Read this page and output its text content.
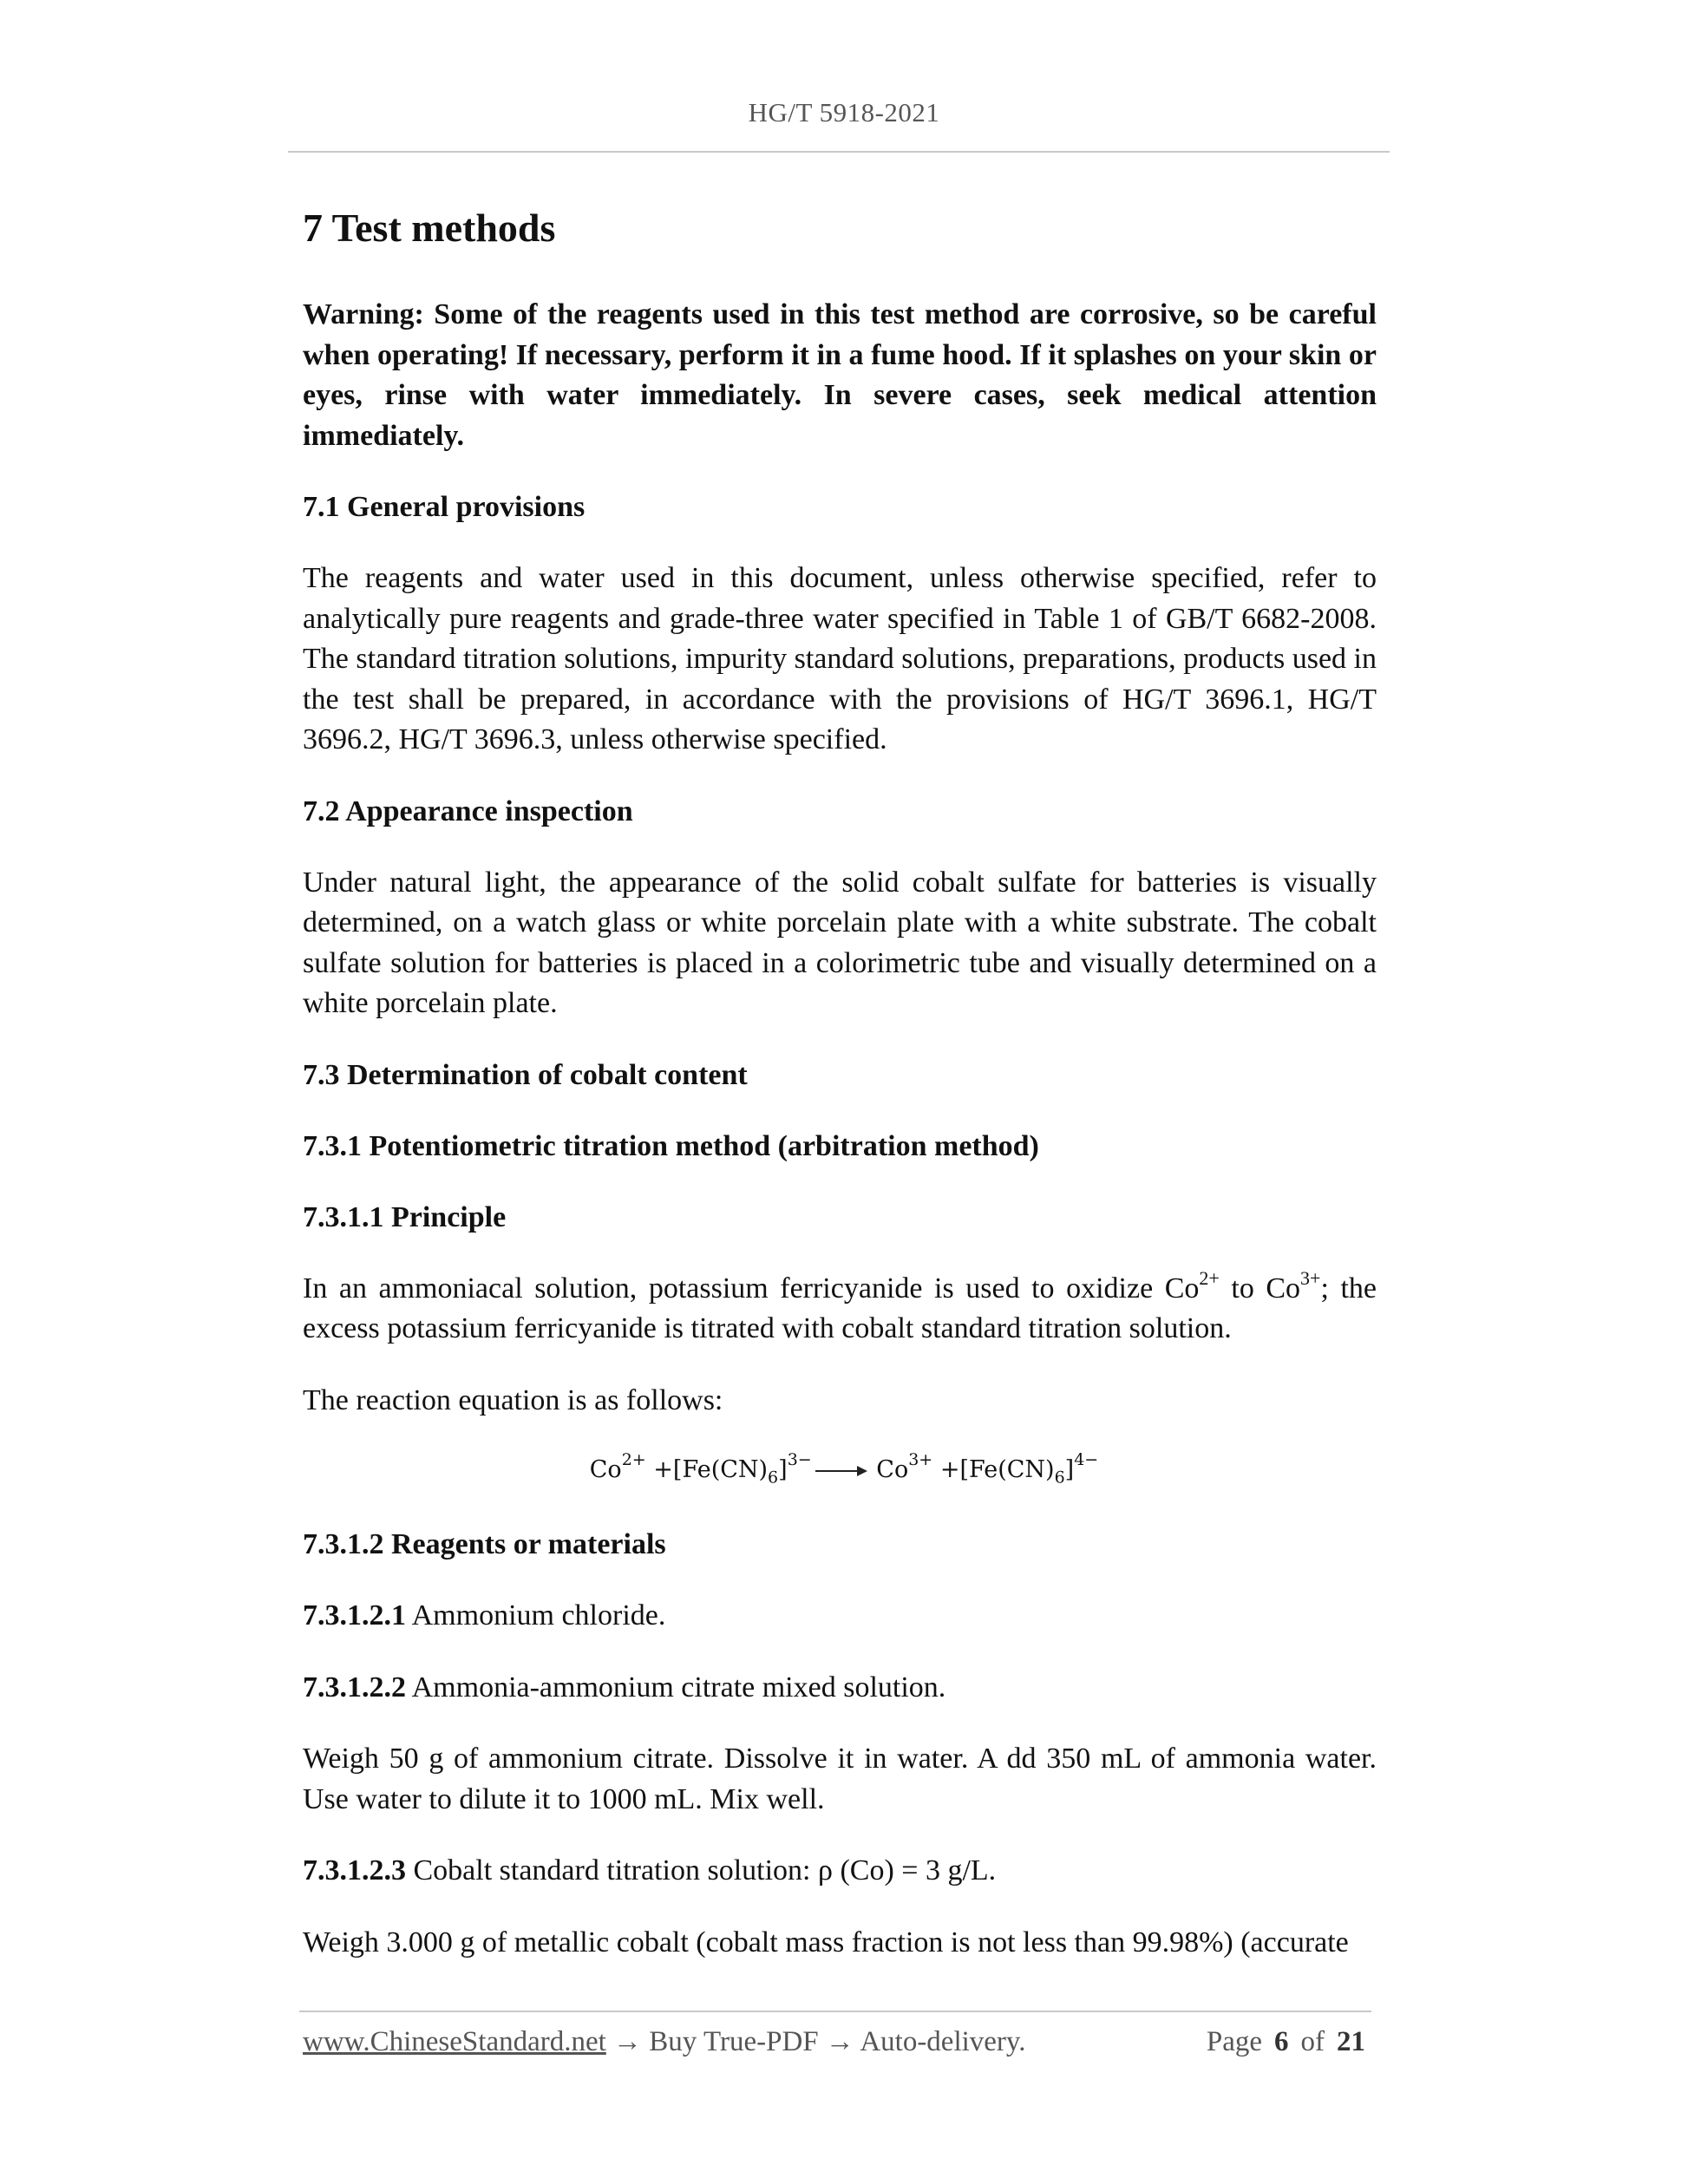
HG/T 5918-2021

7 Test methods

Warning: Some of the reagents used in this test method are corrosive, so be careful when operating! If necessary, perform it in a fume hood. If it splashes on your skin or eyes, rinse with water immediately. In severe cases, seek medical attention immediately.

7.1 General provisions

The reagents and water used in this document, unless otherwise specified, refer to analytically pure reagents and grade-three water specified in Table 1 of GB/T 6682-2008. The standard titration solutions, impurity standard solutions, preparations, products used in the test shall be prepared, in accordance with the provisions of HG/T 3696.1, HG/T 3696.2, HG/T 3696.3, unless otherwise specified.

7.2 Appearance inspection

Under natural light, the appearance of the solid cobalt sulfate for batteries is visually determined, on a watch glass or white porcelain plate with a white substrate. The cobalt sulfate solution for batteries is placed in a colorimetric tube and visually determined on a white porcelain plate.

7.3 Determination of cobalt content

7.3.1 Potentiometric titration method (arbitration method)

7.3.1.1 Principle

In an ammoniacal solution, potassium ferricyanide is used to oxidize $Co^{2+}$ to $Co^{3+}$; the excess potassium ferricyanide is titrated with cobalt standard titration solution.

The reaction equation is as follows:

$Co^{2+} +[Fe(CN)_6]^{3-} \to Co^{3+} +[Fe(CN)_6]^{4-}$

7.3.1.2 Reagents or materials

7.3.1.2.1 Ammonium chloride.

7.3.1.2.2 Ammonia-ammonium citrate mixed solution.

Weigh 50 g of ammonium citrate. Dissolve it in water. A dd 350 mL of ammonia water. Use water to dilute it to 1000 mL. Mix well.

7.3.1.2.3 Cobalt standard titration solution: ρ (Co) = 3 g/L.

Weigh 3.000 g of metallic cobalt (cobalt mass fraction is not less than 99.98%) (accurate

www.ChineseStandard.net → Buy True-PDF → Auto-delivery.	Page 6 of 21
